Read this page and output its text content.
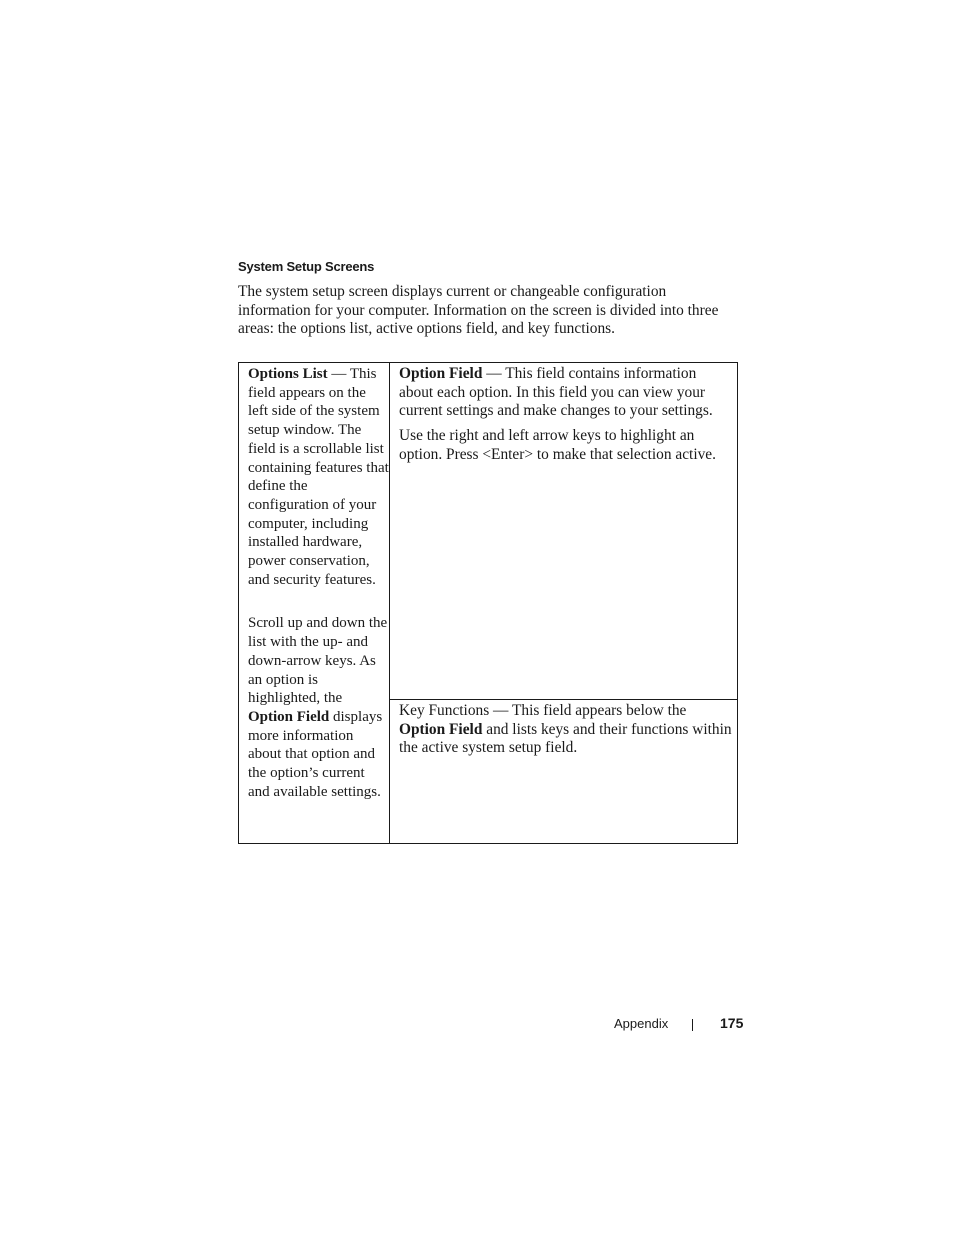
System Setup Screens

The system setup screen displays current or changeable configuration information for your computer. Information on the screen is divided into three areas: the options list, active options field, and key functions.

Options List — This field appears on the left side of the system setup window. The field is a scrollable list containing features that define the configuration of your computer, including installed hardware, power conservation, and security features.

Scroll up and down the list with the up- and down-arrow keys. As an option is highlighted, the Option Field displays more information about that option and the option’s current and available settings.

Option Field — This field contains information about each option. In this field you can view your current settings and make changes to your settings.

Use the right and left arrow keys to highlight an option. Press <Enter> to make that selection active.

Key Functions — This field appears below the Option Field and lists keys and their functions within the active system setup field.

Appendix	175
